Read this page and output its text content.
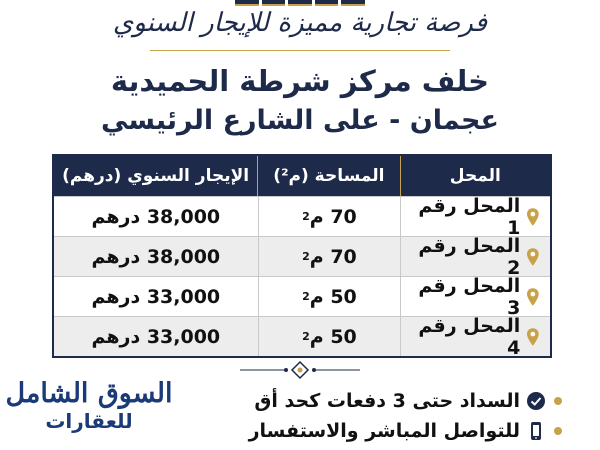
فرصة تجارية مميزة للإيجار السنوي
خلف مركز شرطة الحميدية
عجمان - على الشارع الرئيسي
المحل
المساحة (م²)
الإيجار السنوي (درهم)
المحل رقم 1
70 م
2
38,000 درهم
المحل رقم 2
70 م
2
38,000 درهم
المحل رقم 3
50 م
2
33,000 درهم
المحل رقم 4
50 م
2
33,000 درهم
السداد حتى 3 دفعات كحد أق
للتواصل المباشر والاستفسار
السوق الشامل
للعقارات
